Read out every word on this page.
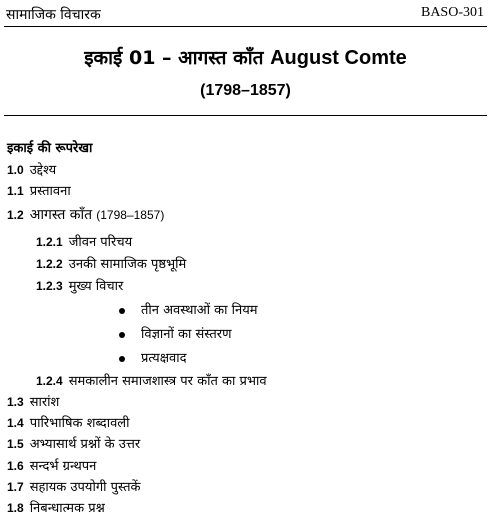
सामाजिक विचारक	BASO-301
इकाई 01 – आगस्त काँत August Comte
(1798–1857)
इकाई की रूपरेखा
1.0 उद्देश्य
1.1 प्रस्तावना
1.2 आगस्त काँत (1798–1857)
1.2.1 जीवन परिचय
1.2.2 उनकी सामाजिक पृष्ठभूमि
1.2.3 मुख्य विचार
तीन अवस्थाओं का नियम
विज्ञानों का संस्तरण
प्रत्यक्षवाद
1.2.4 समकालीन समाजशास्त्र पर काँत का प्रभाव
1.3 सारांश
1.4 पारिभाषिक शब्दावली
1.5 अभ्यासार्थ प्रश्नों के उत्तर
1.6 सन्दर्भ ग्रन्थपन
1.7 सहायक उपयोगी पुस्तकें
1.8 निबन्धात्मक प्रश्न
